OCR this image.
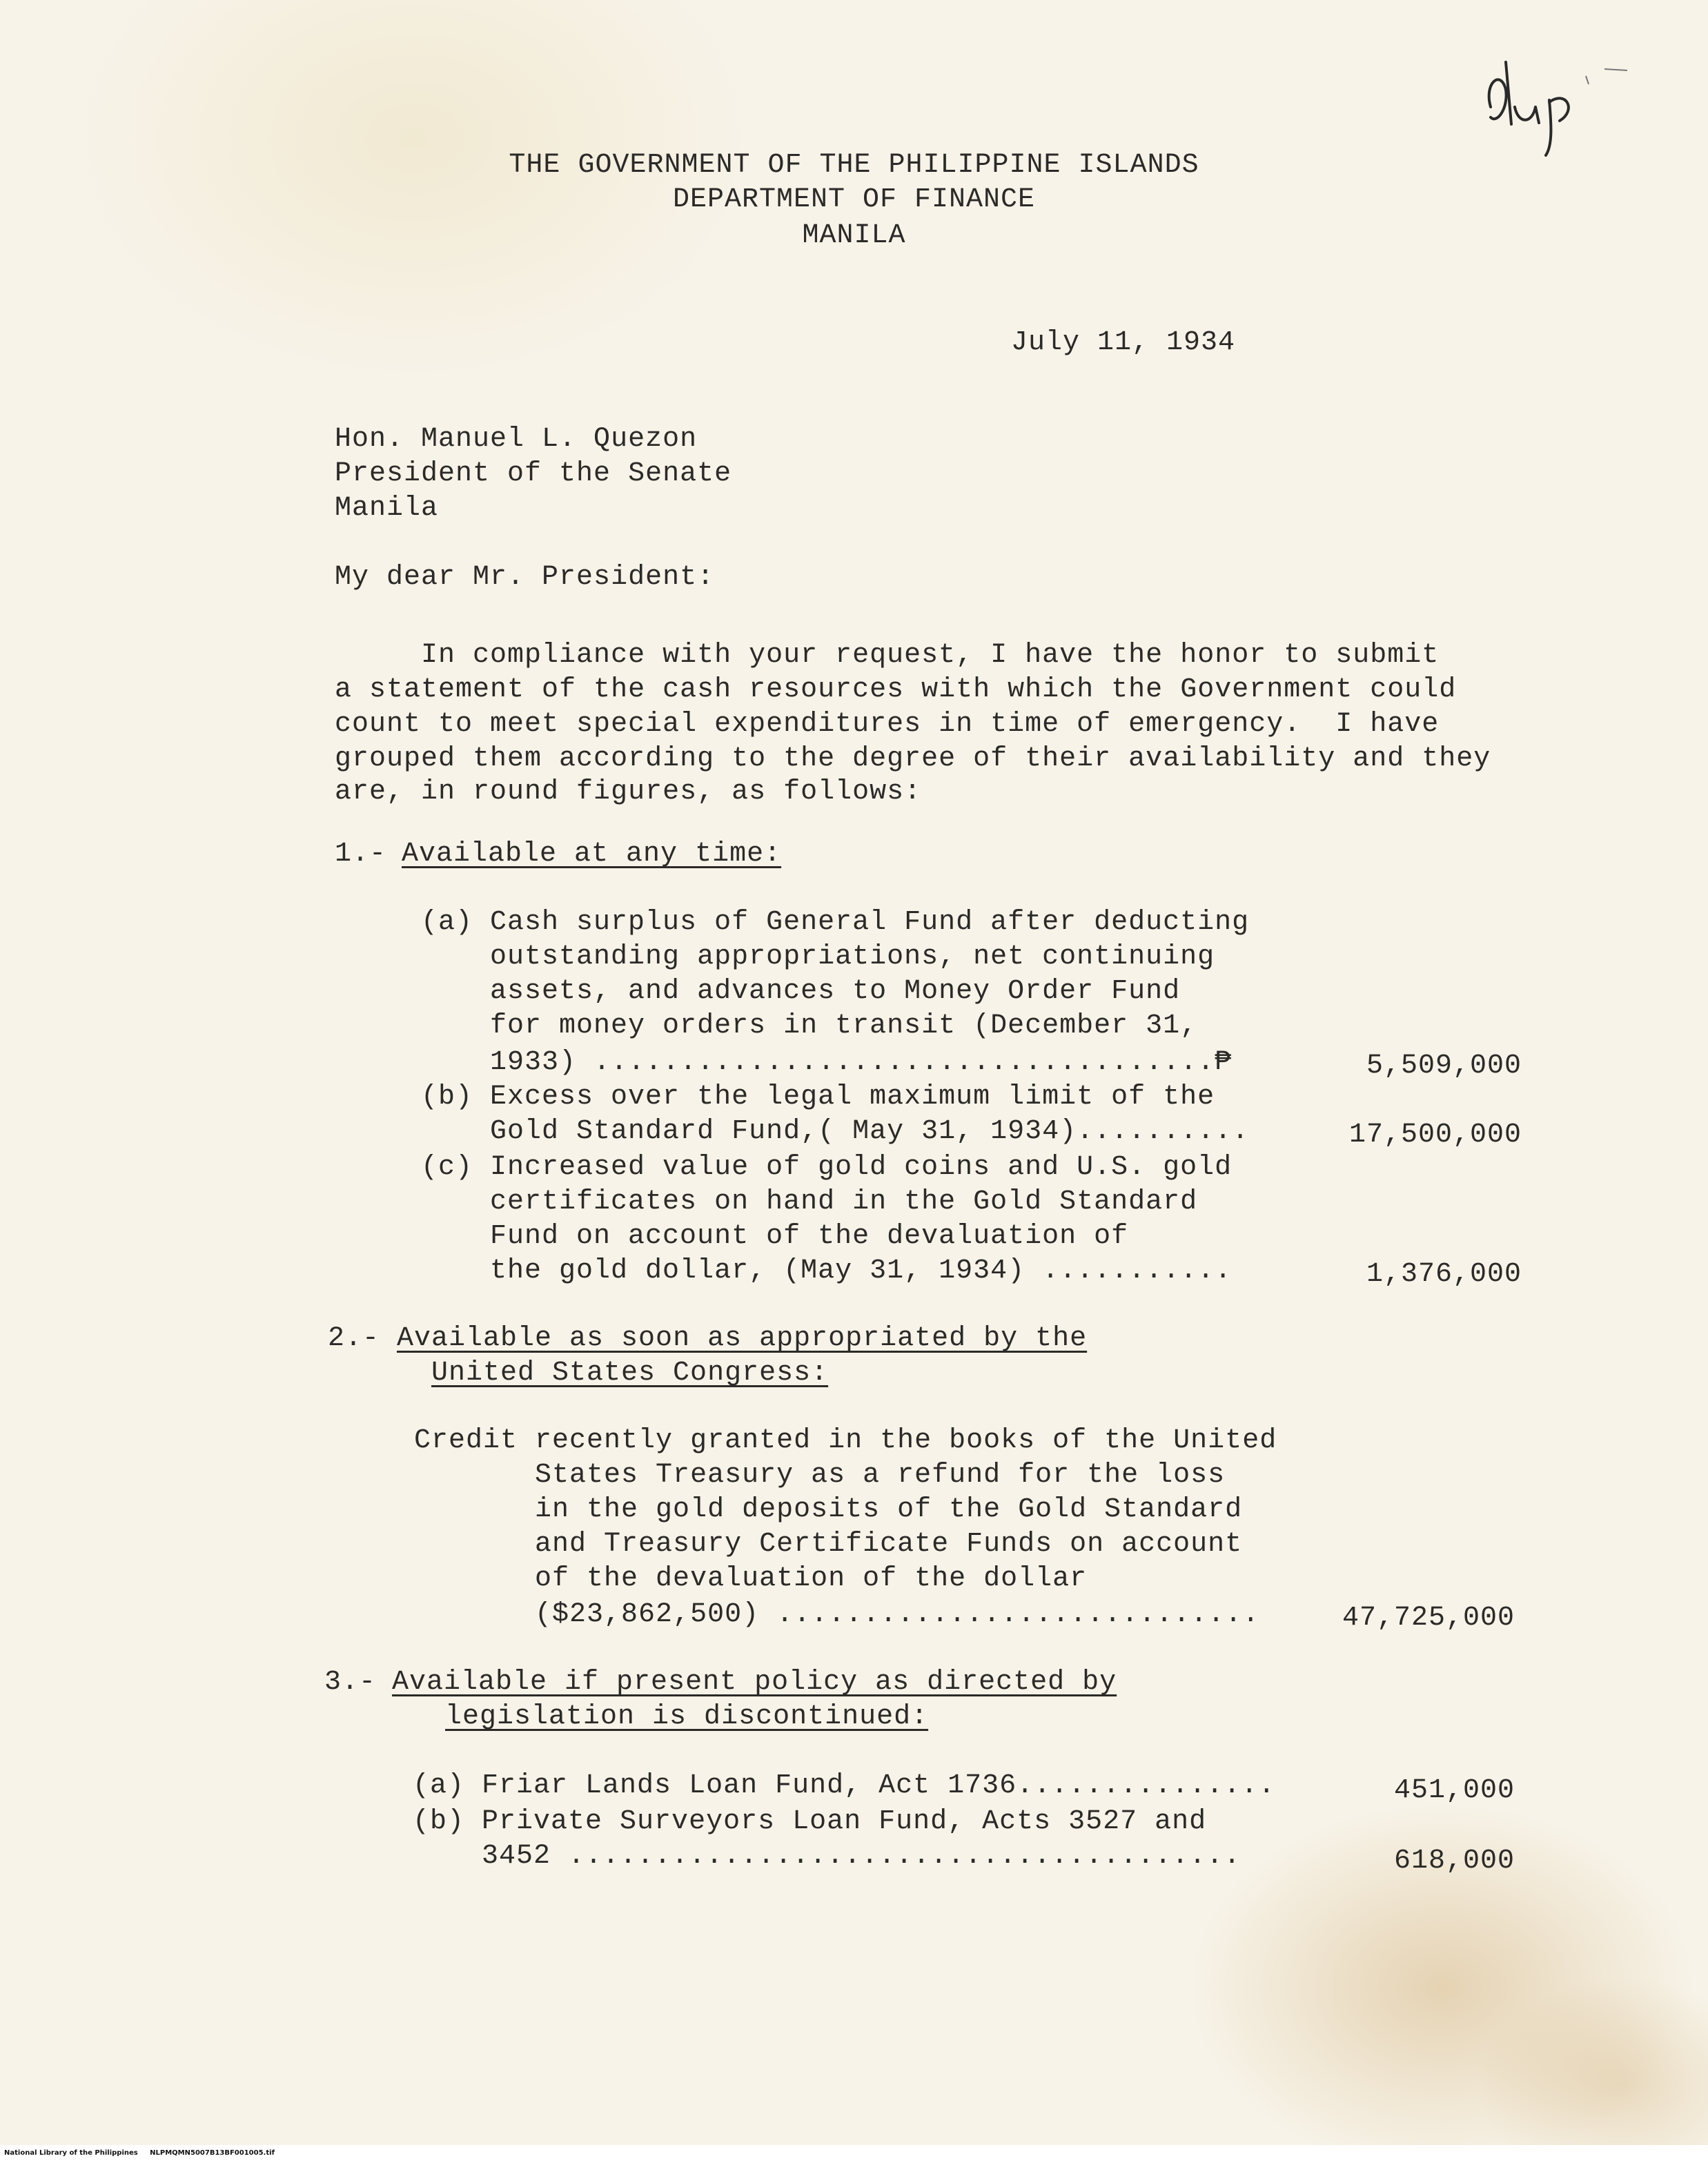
THE GOVERNMENT OF THE PHILIPPINE ISLANDS
DEPARTMENT OF FINANCE
MANILA
July 11, 1934
Hon. Manuel L. Quezon
President of the Senate
Manila
My dear Mr. President:
In compliance with your request, I have the honor to submit
a statement of the cash resources with which the Government could
count to meet special expenditures in time of emergency.  I have
grouped them according to the degree of their availability and they
are, in round figures, as follows:
1.- Available at any time:
(a) Cash surplus of General Fund after deducting
outstanding appropriations, net continuing
assets, and advances to Money Order Fund
for money orders in transit (December 31,
1933) ....................................₱	5,509,000
(b) Excess over the legal maximum limit of the
Gold Standard Fund,( May 31, 1934)..........	17,500,000
(c) Increased value of gold coins and U.S. gold
certificates on hand in the Gold Standard
Fund on account of the devaluation of
the gold dollar, (May 31, 1934) ...........	1,376,000
2.- Available as soon as appropriated by the
United States Congress:
Credit recently granted in the books of the United
States Treasury as a refund for the loss
in the gold deposits of the Gold Standard
and Treasury Certificate Funds on account
of the devaluation of the dollar
($23,862,500) ............................	47,725,000
3.- Available if present policy as directed by
legislation is discontinued:
(a) Friar Lands Loan Fund, Act 1736...............	451,000
(b) Private Surveyors Loan Fund, Acts 3527 and
3452 .......................................	618,000
National Library of the Philippines     NLPMQMN5007B13BF001005.tif
